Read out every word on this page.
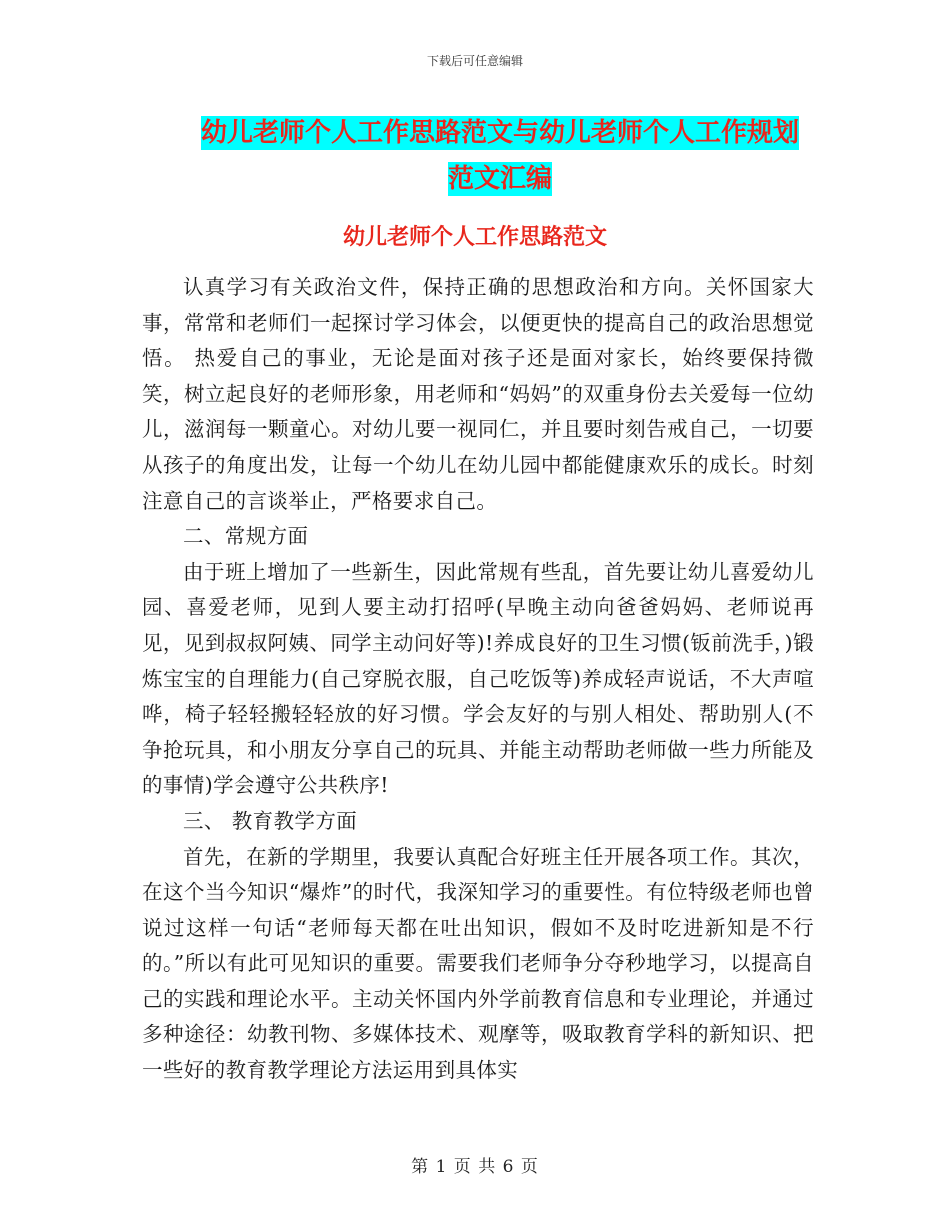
下载后可任意编辑
幼儿老师个人工作思路范文与幼儿老师个人工作规划
范文汇编
幼儿老师个人工作思路范文

认真学习有关政治文件，保持正确的思想政治和方向。关怀国家大事，常常和老师们一起探讨学习体会，以便更快的提高自己的政治思想觉悟。 热爱自己的事业，无论是面对孩子还是面对家长，始终要保持微笑，树立起良好的老师形象，用老师和“妈妈”的双重身份去关爱每一位幼儿，滋润每一颗童心。对幼儿要一视同仁，并且要时刻告戒自己，一切要从孩子的角度出发，让每一个幼儿在幼儿园中都能健康欢乐的成长。时刻注意自己的言谈举止，严格要求自己。

二、常规方面

由于班上增加了一些新生，因此常规有些乱，首先要让幼儿喜爱幼儿园、喜爱老师，见到人要主动打招呼(早晚主动向爸爸妈妈、老师说再见，见到叔叔阿姨、同学主动问好等)!养成良好的卫生习惯(钣前洗手，)锻炼宝宝的自理能力(自己穿脱衣服，自己吃饭等)养成轻声说话，不大声喧哗，椅子轻轻搬轻轻放的好习惯。学会友好的与别人相处、帮助别人(不争抢玩具，和小朋友分享自己的玩具、并能主动帮助老师做一些力所能及的事情)学会遵守公共秩序!

三、 教育教学方面

首先，在新的学期里，我要认真配合好班主任开展各项工作。其次，在这个当今知识“爆炸”的时代，我深知学习的重要性。有位特级老师也曾说过这样一句话“老师每天都在吐出知识，假如不及时吃进新知是不行的。”所以有此可见知识的重要。需要我们老师争分夺秒地学习，以提高自己的实践和理论水平。主动关怀国内外学前教育信息和专业理论，并通过多种途径：幼教刊物、多媒体技术、观摩等，吸取教育学科的新知识、把一些好的教育教学理论方法运用到具体实

第 1 页 共 6 页
